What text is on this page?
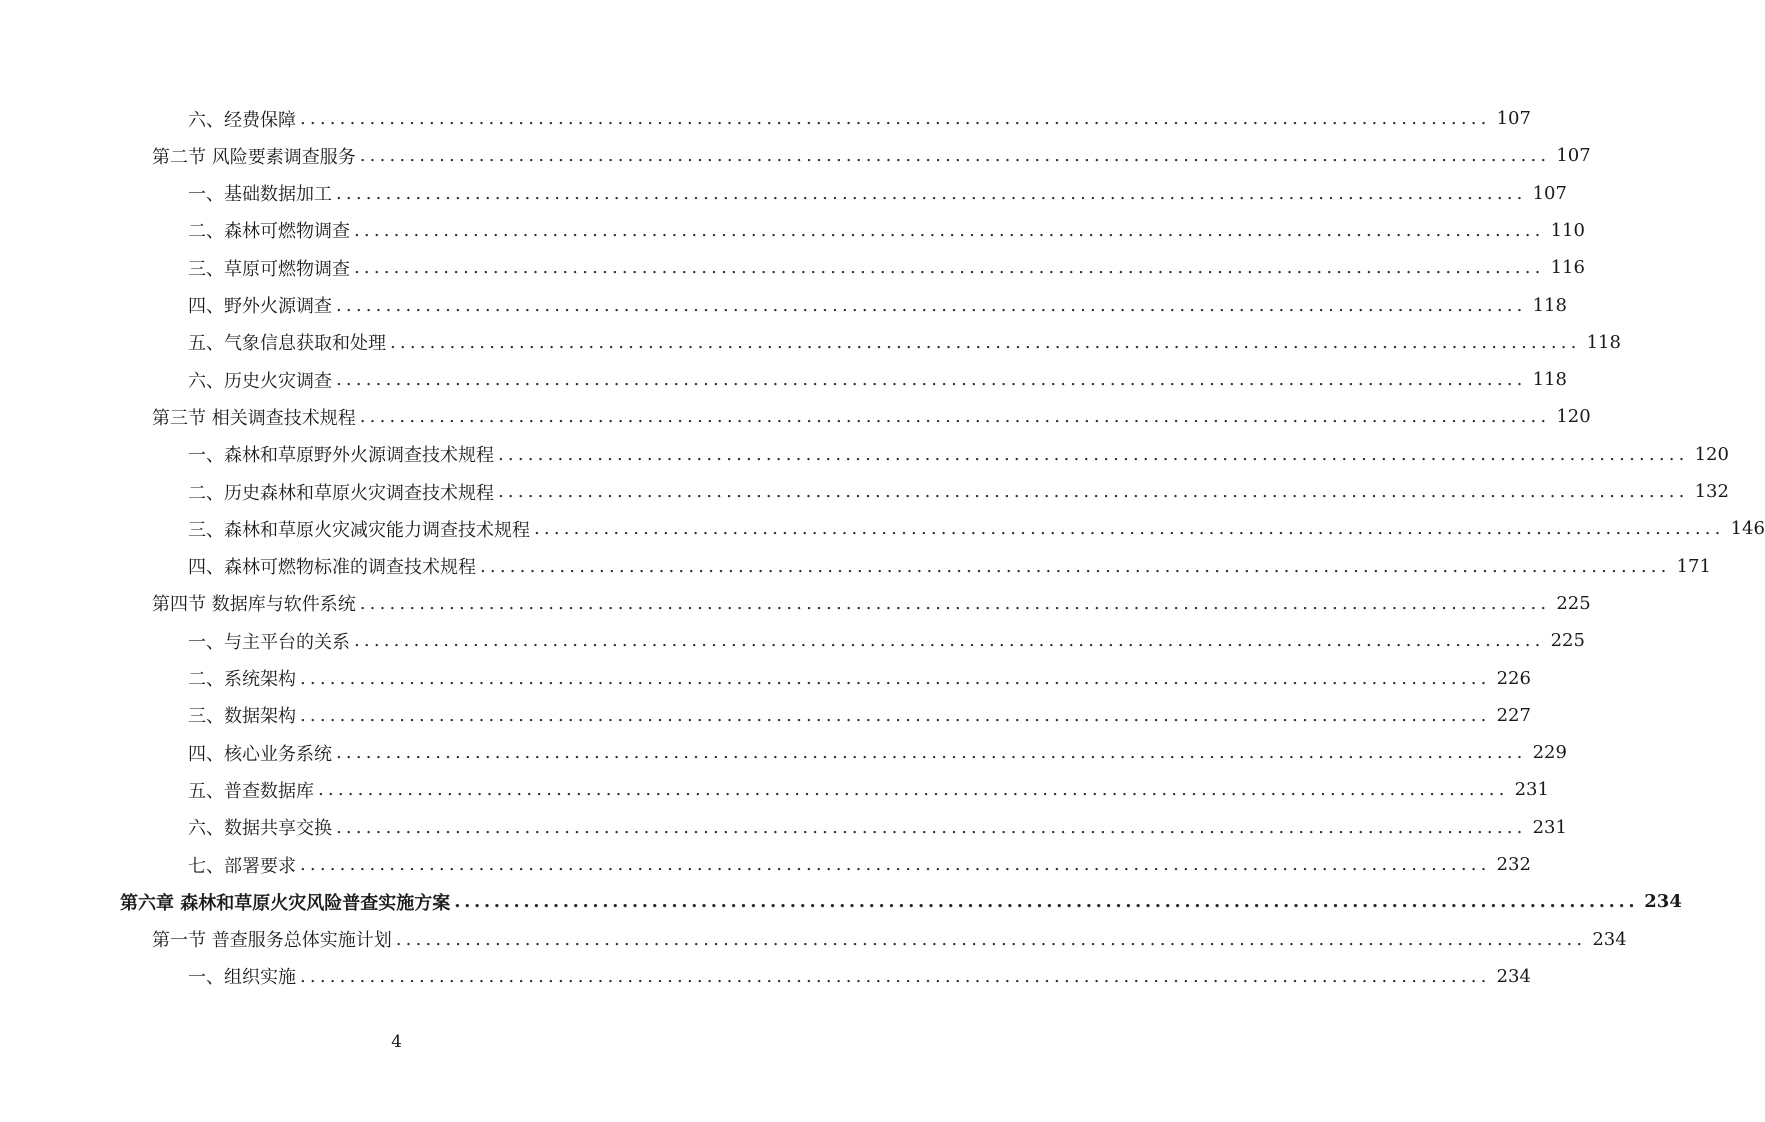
六、经费保障 ........................................................................................................................ 107
第二节 风险要素调查服务 ........................................................................................................................ 107
一、基础数据加工 ........................................................................................................................ 107
二、森林可燃物调查 ........................................................................................................................ 110
三、草原可燃物调查 ........................................................................................................................ 116
四、野外火源调查 ........................................................................................................................ 118
五、气象信息获取和处理 ........................................................................................................................ 118
六、历史火灾调查 ........................................................................................................................ 118
第三节 相关调查技术规程 ........................................................................................................................ 120
一、森林和草原野外火源调查技术规程 ........................................................................................................................ 120
二、历史森林和草原火灾调查技术规程 ........................................................................................................................ 132
三、森林和草原火灾减灾能力调查技术规程 ........................................................................................................................ 146
四、森林可燃物标准的调查技术规程 ........................................................................................................................ 171
第四节 数据库与软件系统 ........................................................................................................................ 225
一、与主平台的关系 ........................................................................................................................ 225
二、系统架构 ........................................................................................................................ 226
三、数据架构 ........................................................................................................................ 227
四、核心业务系统 ........................................................................................................................ 229
五、普查数据库 ........................................................................................................................ 231
六、数据共享交换 ........................................................................................................................ 231
七、部署要求 ........................................................................................................................ 232
第六章 森林和草原火灾风险普查实施方案 ........................................................................................................................ 234
第一节 普查服务总体实施计划 ........................................................................................................................ 234
一、组织实施 ........................................................................................................................ 234
4
